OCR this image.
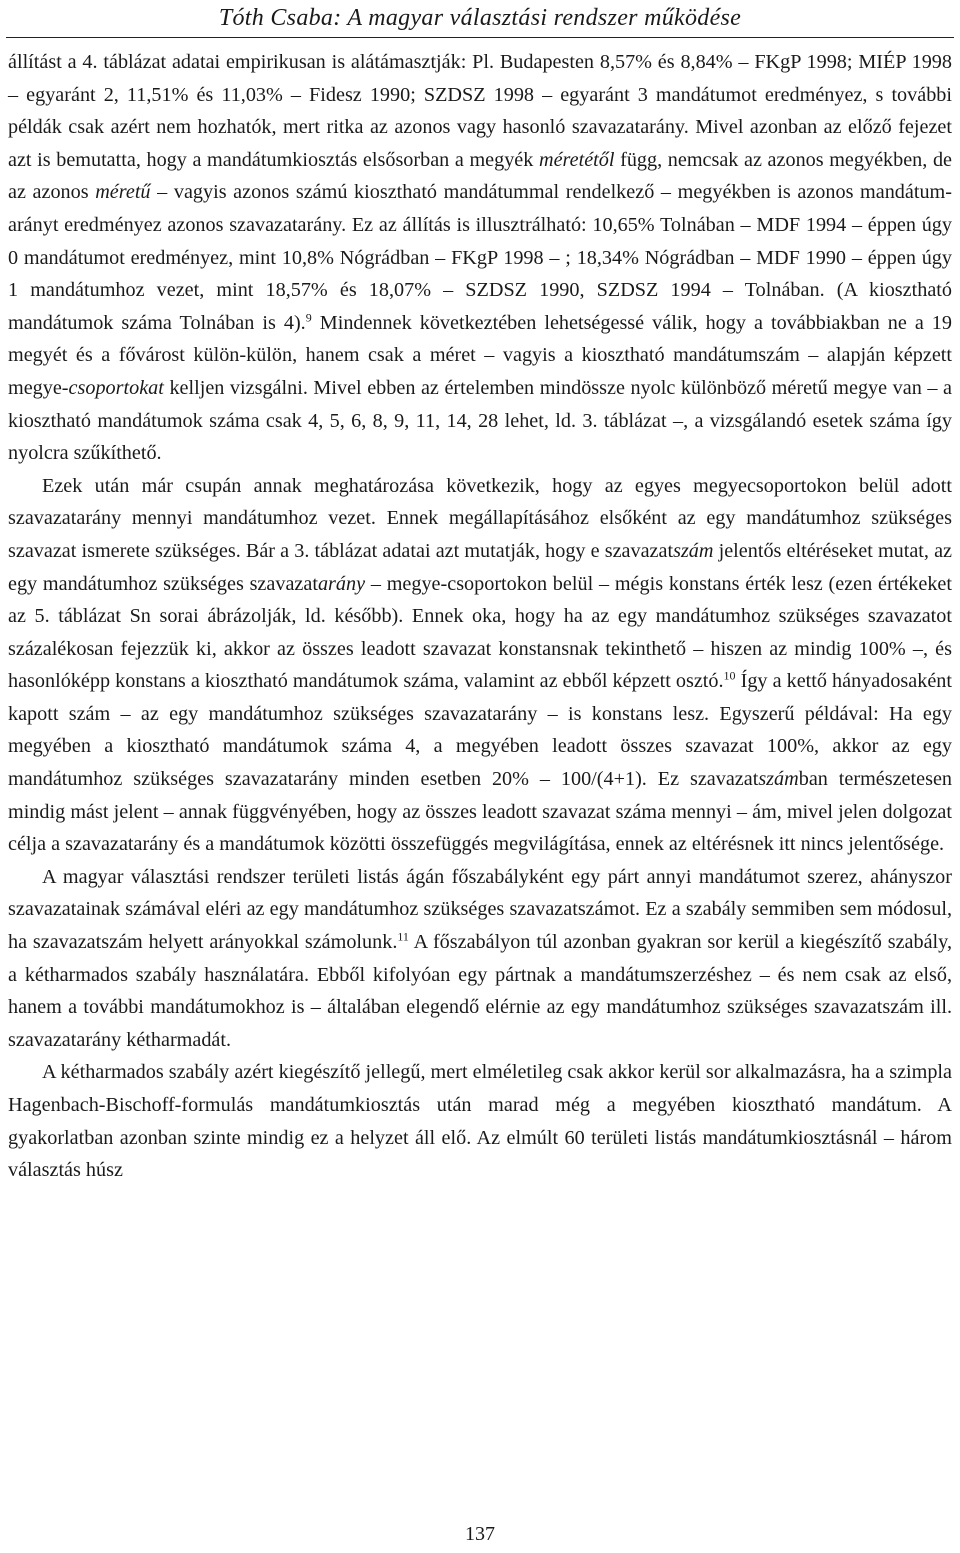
Tóth Csaba: A magyar választási rendszer működése

állítást a 4. táblázat adatai empirikusan is alátámasztják: Pl. Budapesten 8,57% és 8,84% – FKgP 1998; MIÉP 1998 – egyaránt 2, 11,51% és 11,03% – Fidesz 1990; SZDSZ 1998 – egyaránt 3 mandátumot eredményez, s további példák csak azért nem hozhatók, mert ritka az azonos vagy hasonló szavazatarány. Mivel azonban az előző fejezet azt is bemutatta, hogy a mandátumkiosztás elsősorban a megyék méretétől függ, nemcsak az azonos megyékben, de az azonos méretű – vagyis azonos számú kiosztható mandátummal rendelkező – megyékben is azonos mandátum-arányt eredményez azonos szavazatarány. Ez az állítás is illusztrálható: 10,65% Tolnában – MDF 1994 – éppen úgy 0 mandátumot eredményez, mint 10,8% Nógrádban – FKgP 1998 – ; 18,34% Nógrádban – MDF 1990 – éppen úgy 1 mandátumhoz vezet, mint 18,57% és 18,07% – SZDSZ 1990, SZDSZ 1994 – Tolnában. (A kiosztható mandátumok száma Tolnában is 4).$^9$ Mindennek következtében lehetségessé válik, hogy a továbbiakban ne a 19 megyét és a fővárost külön-külön, hanem csak a méret – vagyis a kiosztható mandátumszám – alapján képzett megye-csoportokat kelljen vizsgálni. Mivel ebben az értelemben mindössze nyolc különböző méretű megye van – a kiosztható mandátumok száma csak 4, 5, 6, 8, 9, 11, 14, 28 lehet, ld. 3. táblázat –, a vizsgálandó esetek száma így nyolcra szűkíthető.

Ezek után már csupán annak meghatározása következik, hogy az egyes megyecsoportokon belül adott szavazatarány mennyi mandátumhoz vezet. Ennek megállapításához elsőként az egy mandátumhoz szükséges szavazat ismerete szükséges. Bár a 3. táblázat adatai azt mutatják, hogy e szavazatszám jelentős eltéréseket mutat, az egy mandátumhoz szükséges szavazatarány – megye-csoportokon belül – mégis konstans érték lesz (ezen értékeket az 5. táblázat Sn sorai ábrázolják, ld. később). Ennek oka, hogy ha az egy mandátumhoz szükséges szavazatot százalékosan fejezzük ki, akkor az összes leadott szavazat konstansnak tekinthető – hiszen az mindig 100% –, és hasonlóképp konstans a kiosztható mandátumok száma, valamint az ebből képzett osztó.$^{10}$ Így a kettő hányadosaként kapott szám – az egy mandátumhoz szükséges szavazatarány – is konstans lesz. Egyszerű példával: Ha egy megyében a kiosztható mandátumok száma 4, a megyében leadott összes szavazat 100%, akkor az egy mandátumhoz szükséges szavazatarány minden esetben 20% – 100/(4+1). Ez szavazatszámban természetesen mindig mást jelent – annak függvényében, hogy az összes leadott szavazat száma mennyi – ám, mivel jelen dolgozat célja a szavazatarány és a mandátumok közötti összefüggés megvilágítása, ennek az eltérésnek itt nincs jelentősége.

A magyar választási rendszer területi listás ágán főszabályként egy párt annyi mandátumot szerez, ahányszor szavazatainak számával eléri az egy mandátumhoz szükséges szavazatszámot. Ez a szabály semmiben sem módosul, ha szavazatszám helyett arányokkal számolunk.$^{11}$ A főszabályon túl azonban gyakran sor kerül a kiegészítő szabály, a kétharmados szabály használatára. Ebből kifolyóan egy pártnak a mandátumszerzéshez – és nem csak az első, hanem a további mandátumokhoz is – általában elegendő elérnie az egy mandátumhoz szükséges szavazatszám ill. szavazatarány kétharmadát.

A kétharmados szabály azért kiegészítő jellegű, mert elméletileg csak akkor kerül sor alkalmazásra, ha a szimpla Hagenbach-Bischoff-formulás mandátumkiosztás után marad még a megyében kiosztható mandátum. A gyakorlatban azonban szinte mindig ez a helyzet áll elő. Az elmúlt 60 területi listás mandátumkiosztásnál – három választás húsz

137
